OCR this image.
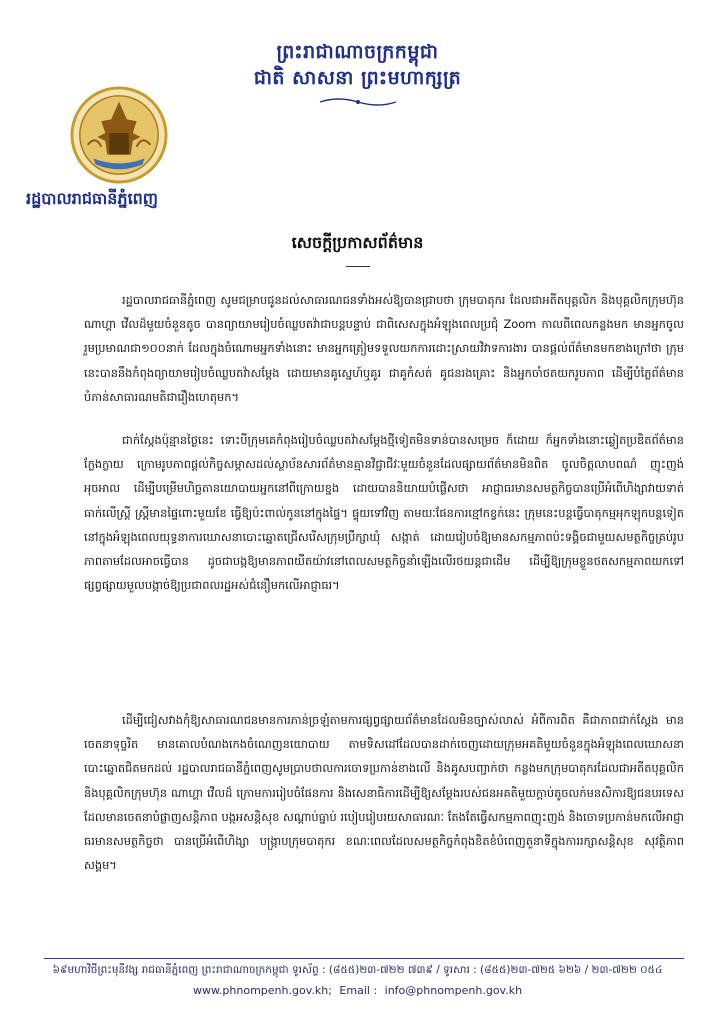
ព្រះរាជាណាចក្រកម្ពុជា
ជាតិ សាសនា ព្រះមហាក្សត្រ
រដ្ឋបាលរាជធានីភ្នំពេញ
សេចក្តីប្រកាសព័ត៌មាន

រដ្ឋបាលរាជធានីភ្នំពេញ សូមជម្រាបជូនដល់សាធារណជនទាំងអស់ឱ្យបានជ្រាបថា ក្រុមបាតុករ ដែលជាអតីតបុគ្គលិក និងបុគ្គលិកក្រុមហ៊ុន ណាហ្គា វើលដ៏មួយចំនួនតូច បានព្យាយាមរៀបចំឈ្លបតវ៉ាជាបន្តបន្ទាប់ ជាពិសេសក្នុងអំឡុងពេលប្រជុំ Zoom កាលពីពេលកន្លងមក មានអ្នកចូលរួមប្រមាណជា១០០នាក់ ដែលក្នុងចំណោមអ្នកទាំងនោះ មានអ្នកត្រៀមទទួលយកការដោះស្រាយវិវាទការងារ បានផ្តល់ព័ត៌មានមកខាងក្រៅថា ក្រុមនេះបាននឹងកំពុងព្យាយាមរៀបចំឈ្លបតវ៉ាសម្តែង ដោយមានគូស្នេហ៍ឬគូរ ជាគូកំសត់ គូជនរងគ្រោះ និងអ្នកចាំថតយករូបភាព ដើម្បីបំភ្លៃព័ត៌មាន បំភាន់សាធារណមតិជារឿងហេតុមក។

ជាក់ស្តែងប៉ុន្មានថ្ងៃនេះ ទោះបីក្រុមគេកំពុងរៀបចំឈ្លបតវ៉ាសម្តែងថ្មីទៀតមិនទាន់បានសម្រេច ក៏ដោយ ក៏អ្នកទាំងនោះឆ្លៀតប្រឌិតព័ត៌មានក្លែងក្លាយ ក្រោមរូបភាពផ្តល់កិច្ចសម្ភាសដល់ស្ថាប័នសារព័ត៌មានគ្មានវិជ្ជាជីវៈមួយចំនួនដែលផ្សាយព័ត៌មានមិនពិត ចូលចិត្តលាបពណ៌ ញុះញង់ អុចអាល ដើម្បីបម្រើមហិច្ឆតានយោបាយអ្នកនៅពីក្រោយខ្នង ដោយបាននិយាយបំផ្លើសថា អាជ្ញាធរមានសមត្ថកិច្ចបានប្រើអំពើហិង្សាវាយទាត់ធាក់លើស្ត្រី ស្រ្តីមានផ្ទៃពោះមួយខែ ធ្វើឱ្យប៉ះពាល់កូននៅក្នុងផ្ទៃ។ ផ្ទុយទៅវិញ តាមយៈផែនការខ្មៅកខ្វក់នេះ ក្រុមនេះបន្តធ្វើបាតុកម្មអុកឡុកបន្តទៀតនៅក្នុងអំឡុងពេលយុទ្ធនាការឃោសនាបោះឆ្នោតជ្រើសរើសក្រុមប្រឹក្សាឃុំ សង្កាត់ ដោយរៀបចំឱ្យមានសកម្មភាពប៉ះទង្គិចជាមួយសមត្ថកិច្ចគ្រប់រូបភាពតាមដែលអាចធ្វើបាន ដូចជាបង្កឱ្យមានភាពយឺតយ៉ាវនៅពេលសមត្ថកិច្ចនាំឡើងលើរថយន្តជាដើម ដើម្បីឱ្យក្រុមខ្លួនថតសកម្មភាពយកទៅផ្សព្វផ្សាយមួលបង្កាច់ឱ្យប្រជាពលរដ្ឋអស់ជំនឿមកលើអាជ្ញាធរ។

ដើម្បីជៀសវាងកុំឱ្យសាធារណជនមានការភាន់ច្រឡំតាមការផ្សព្វផ្សាយព័ត៌មានដែលមិនច្បាស់លាស់ អំពីការពិត គឺជាភាពជាក់ស្តែង មានចេតនាទុច្ចរិត មានគោលបំណងកេងចំណេញនយោបាយ តាមទិសដៅដែលបានដាក់ចេញដោយក្រុមអគតិមួយចំនួនក្នុងអំឡុងពេលឃោសនាបោះឆ្នោតជិតមកដល់ រដ្ឋបាលរាជធានីភ្នំពេញសូមប្រាបថាលការចោទប្រកាន់ខាងលើ និងគូសបញ្ជាក់ថា កន្លងមកក្រុមបាតុករដែលជាអតីតបុគ្គលិក និងបុគ្គលិកក្រុមហ៊ុន ណាហ្គា វើលដ៏ ក្រោមការរៀបចំផែនការ និងសេនាធិការដើម្បីឱ្យសម្តែងរបស់ជនអគតិមួយក្តាប់តូចលក់មនសិការឱ្យជនបរទេស ដែលមានចេតនាបំផ្លាញសន្តិភាព បង្កអសន្តិសុខ សណ្តាប់ធ្នាប់ របៀបរៀបរយសាធារណៈ តែងតែធ្វើសកម្មភាពញុះញង់ និងចោទប្រកាន់មកលើអាជ្ញាធរមានសមត្ថកិច្ចថា បានប្រើអំពើហិង្សា បង្ក្រាបក្រុមបាតុករ ខណៈពេលដែលសមត្ថកិច្ចកំពុងខិតខំបំពេញតួនាទីក្នុងការរក្សាសន្តិសុខ សុវត្ថិភាពសង្គម។

៦៩មហាវិថីព្រះមុនីវង្ស រាជធានីភ្នំពេញ ព្រះរាជាណាចក្រកម្ពុជា ទូរស័ព្ទ : (៨៥៥)២៣-៧២២ ៧៣៩ / ទូរសារ : (៨៥៥)២៣-៧២៥ ៦២៦ / ២៣-៧២២ ០៥៤
www.phnompenh.gov.kh; Email : info@phnompenh.gov.kh
